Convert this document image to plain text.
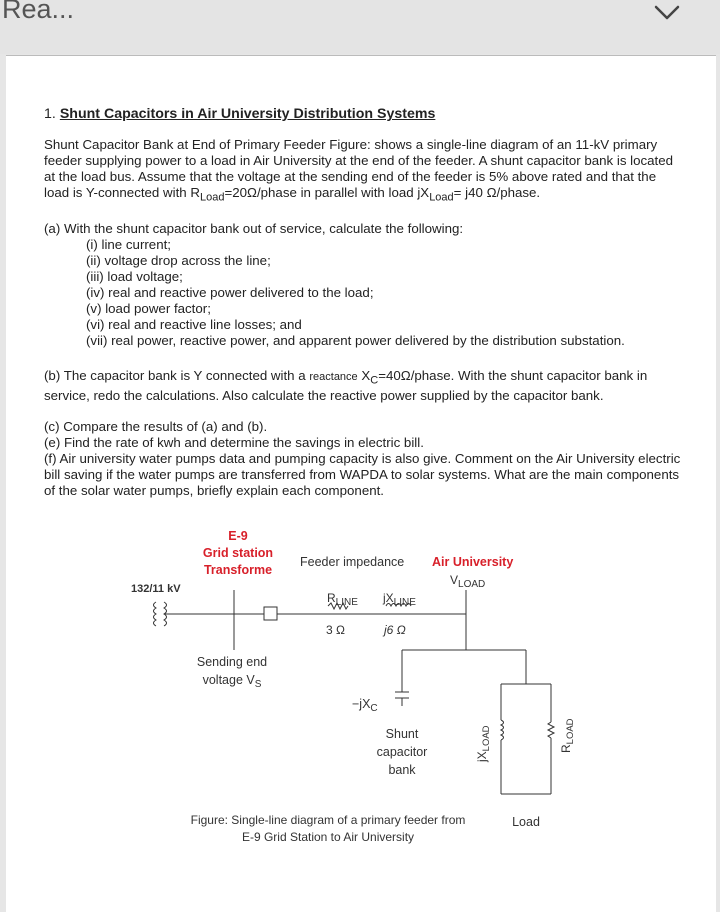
Rea...

1. Shunt Capacitors in Air University Distribution Systems

Shunt Capacitor Bank at End of Primary Feeder Figure: shows a single-line diagram of an 11-kV primary feeder supplying power to a load in Air University at the end of the feeder. A shunt capacitor bank is located at the load bus. Assume that the voltage at the sending end of the feeder is 5% above rated and that the load is Y-connected with $R_{Load}=20\Omega$/phase in parallel with load $jX_{Load}= j40$ Ω/phase.

(a) With the shunt capacitor bank out of service, calculate the following:

(i) line current;

(ii) voltage drop across the line;

(iii) load voltage;

(iv) real and reactive power delivered to the load;

(v) load power factor;

(vi) real and reactive line losses; and

(vii) real power, reactive power, and apparent power delivered by the distribution substation.

(b) The capacitor bank is Y connected with a reactance $X_C=40\Omega$/phase. With the shunt capacitor bank in service, redo the calculations. Also calculate the reactive power supplied by the capacitor bank.

(c) Compare the results of (a) and (b).

(e) Find the rate of kwh and determine the savings in electric bill.

(f) Air university water pumps data and pumping capacity is also give. Comment on the Air University electric bill saving if the water pumps are transferred from WAPDA to solar systems. What are the main components of the solar water pumps, briefly explain each component.

E-9
Grid station
Transforme
Feeder impedance Air University
$V_{LOAD}$
132/11 kV
$R_{LINE}$ $jX_{LINE}$
3 Ω	j6 Ω
Sending end
voltage $V_S$
$-jX_C$
Shunt
capacitor
bank
$jX_{LOAD}$	$R_{LOAD}$
Load
Figure: Single-line diagram of a primary feeder from
E-9 Grid Station to Air University
